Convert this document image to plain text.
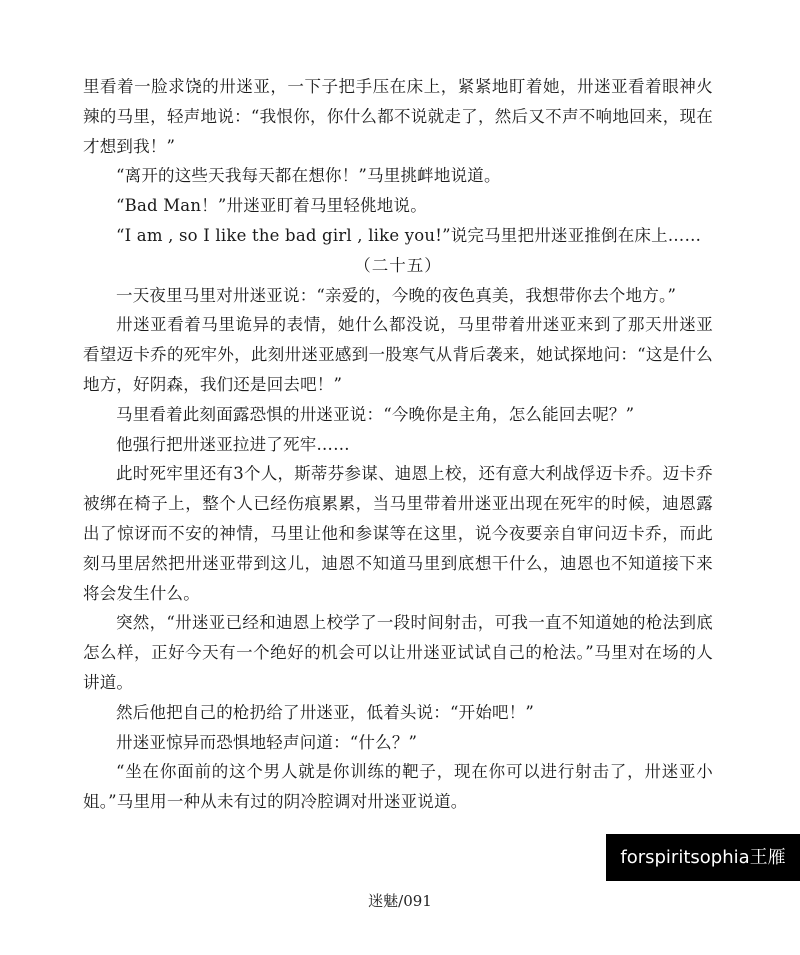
里看着一脸求饶的卅迷亚，一下子把手压在床上，紧紧地盯着她，卅迷亚看着眼神火辣的马里，轻声地说：“我恨你，你什么都不说就走了，然后又不声不响地回来，现在才想到我！”

“离开的这些天我每天都在想你！”马里挑衅地说道。

“Bad Man！”卅迷亚盯着马里轻佻地说。

“I am , so I like the bad girl , like you!”说完马里把卅迷亚推倒在床上……

（二十五）

一天夜里马里对卅迷亚说：“亲爱的，今晚的夜色真美，我想带你去个地方。”

卅迷亚看着马里诡异的表情，她什么都没说，马里带着卅迷亚来到了那天卅迷亚看望迈卡乔的死牢外，此刻卅迷亚感到一股寒气从背后袭来，她试探地问：“这是什么地方，好阴森，我们还是回去吧！”

马里看着此刻面露恐惧的卅迷亚说：“今晚你是主角，怎么能回去呢？”

他强行把卅迷亚拉进了死牢……

此时死牢里还有3个人，斯蒂芬参谋、迪恩上校，还有意大利战俘迈卡乔。迈卡乔被绑在椅子上，整个人已经伤痕累累，当马里带着卅迷亚出现在死牢的时候，迪恩露出了惊讶而不安的神情，马里让他和参谋等在这里，说今夜要亲自审问迈卡乔，而此刻马里居然把卅迷亚带到这儿，迪恩不知道马里到底想干什么，迪恩也不知道接下来将会发生什么。

突然，“卅迷亚已经和迪恩上校学了一段时间射击，可我一直不知道她的枪法到底怎么样，正好今天有一个绝好的机会可以让卅迷亚试试自己的枪法。”马里对在场的人讲道。

然后他把自己的枪扔给了卅迷亚，低着头说：“开始吧！”

卅迷亚惊异而恐惧地轻声问道：“什么？”

“坐在你面前的这个男人就是你训练的靶子，现在你可以进行射击了，卅迷亚小姐。”马里用一种从未有过的阴冷腔调对卅迷亚说道。

forspiritsophia王雁
迷魅/091
